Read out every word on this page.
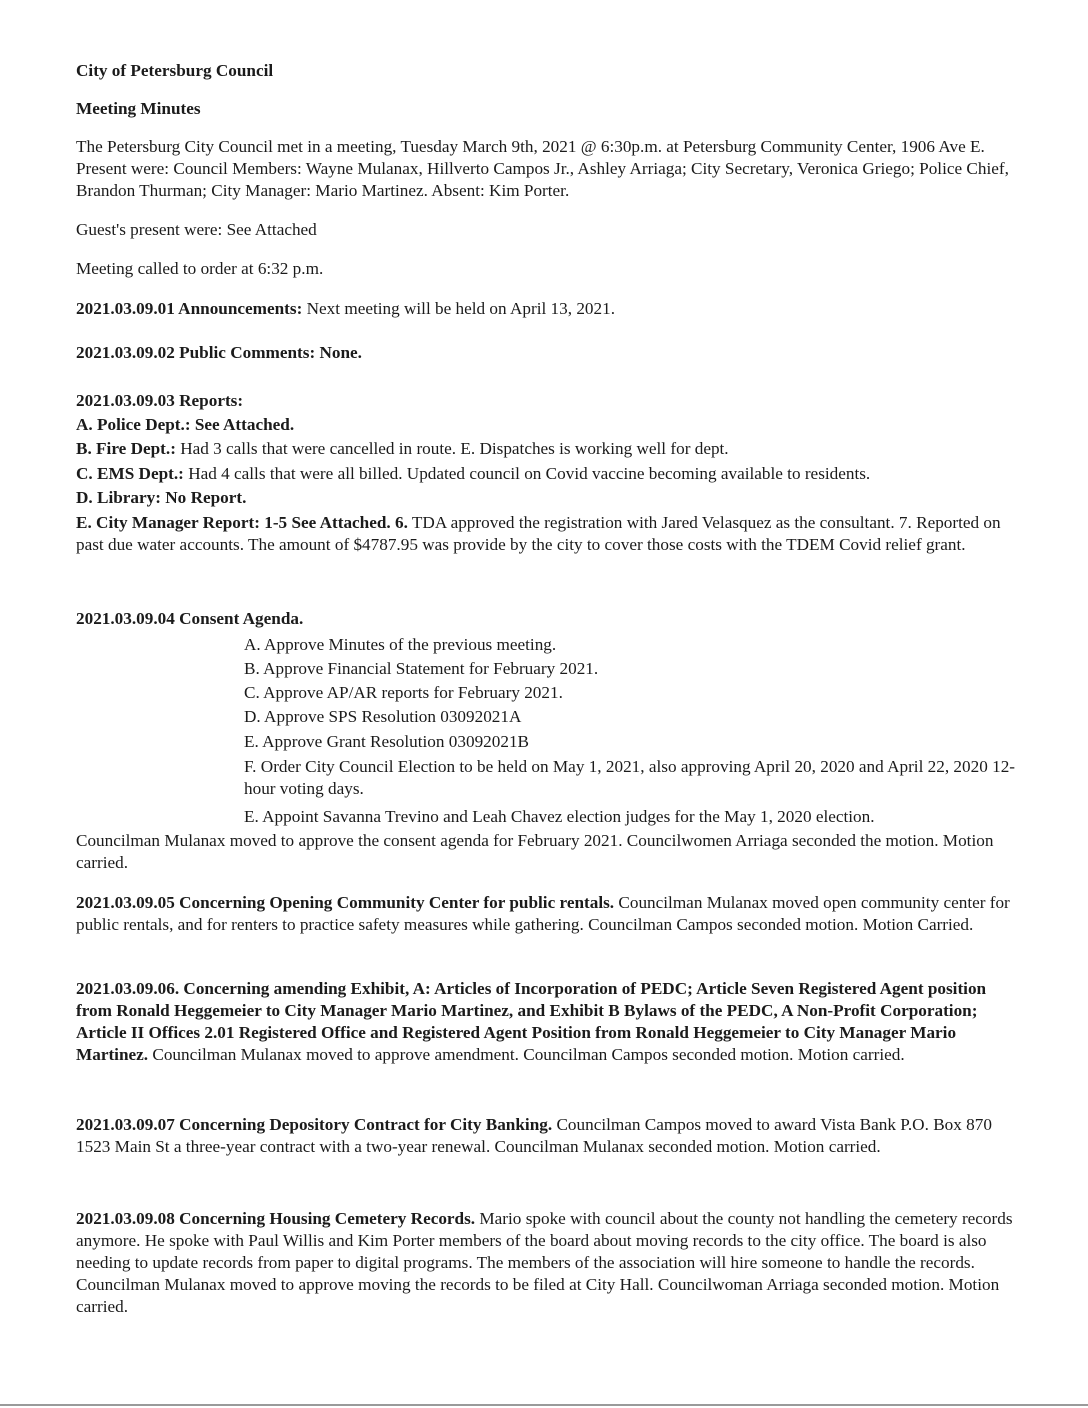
City of Petersburg Council

Meeting Minutes

The Petersburg City Council met in a meeting, Tuesday March 9th, 2021 @ 6:30p.m. at Petersburg Community Center, 1906 Ave E. Present were: Council Members: Wayne Mulanax, Hillverto Campos Jr., Ashley Arriaga; City Secretary, Veronica Griego; Police Chief, Brandon Thurman; City Manager: Mario Martinez. Absent: Kim Porter.

Guest's present were: See Attached

Meeting called to order at 6:32 p.m.

2021.03.09.01 Announcements: Next meeting will be held on April 13, 2021.

2021.03.09.02 Public Comments: None.

2021.03.09.03 Reports:

A. Police Dept.: See Attached.

B. Fire Dept.: Had 3 calls that were cancelled in route. E. Dispatches is working well for dept.

C. EMS Dept.: Had 4 calls that were all billed. Updated council on Covid vaccine becoming available to residents.

D. Library: No Report.

E. City Manager Report: 1-5 See Attached. 6. TDA approved the registration with Jared Velasquez as the consultant. 7. Reported on past due water accounts. The amount of $4787.95 was provide by the city to cover those costs with the TDEM Covid relief grant.

2021.03.09.04 Consent Agenda.

A. Approve Minutes of the previous meeting.

B. Approve Financial Statement for February 2021.

C. Approve AP/AR reports for February 2021.

D. Approve SPS Resolution 03092021A

E. Approve Grant Resolution 03092021B

F. Order City Council Election to be held on May 1, 2021, also approving April 20, 2020 and April 22, 2020 12-hour voting days.

E. Appoint Savanna Trevino and Leah Chavez election judges for the May 1, 2020 election.

Councilman Mulanax moved to approve the consent agenda for February 2021. Councilwomen Arriaga seconded the motion. Motion carried.

2021.03.09.05 Concerning Opening Community Center for public rentals. Councilman Mulanax moved open community center for public rentals, and for renters to practice safety measures while gathering. Councilman Campos seconded motion. Motion Carried.

2021.03.09.06. Concerning amending Exhibit, A: Articles of Incorporation of PEDC; Article Seven Registered Agent position from Ronald Heggemeier to City Manager Mario Martinez, and Exhibit B Bylaws of the PEDC, A Non-Profit Corporation; Article II Offices 2.01 Registered Office and Registered Agent Position from Ronald Heggemeier to City Manager Mario Martinez. Councilman Mulanax moved to approve amendment. Councilman Campos seconded motion. Motion carried.

2021.03.09.07 Concerning Depository Contract for City Banking. Councilman Campos moved to award Vista Bank P.O. Box 870 1523 Main St a three-year contract with a two-year renewal. Councilman Mulanax seconded motion. Motion carried.

2021.03.09.08 Concerning Housing Cemetery Records. Mario spoke with council about the county not handling the cemetery records anymore. He spoke with Paul Willis and Kim Porter members of the board about moving records to the city office. The board is also needing to update records from paper to digital programs. The members of the association will hire someone to handle the records. Councilman Mulanax moved to approve moving the records to be filed at City Hall. Councilwoman Arriaga seconded motion. Motion carried.
